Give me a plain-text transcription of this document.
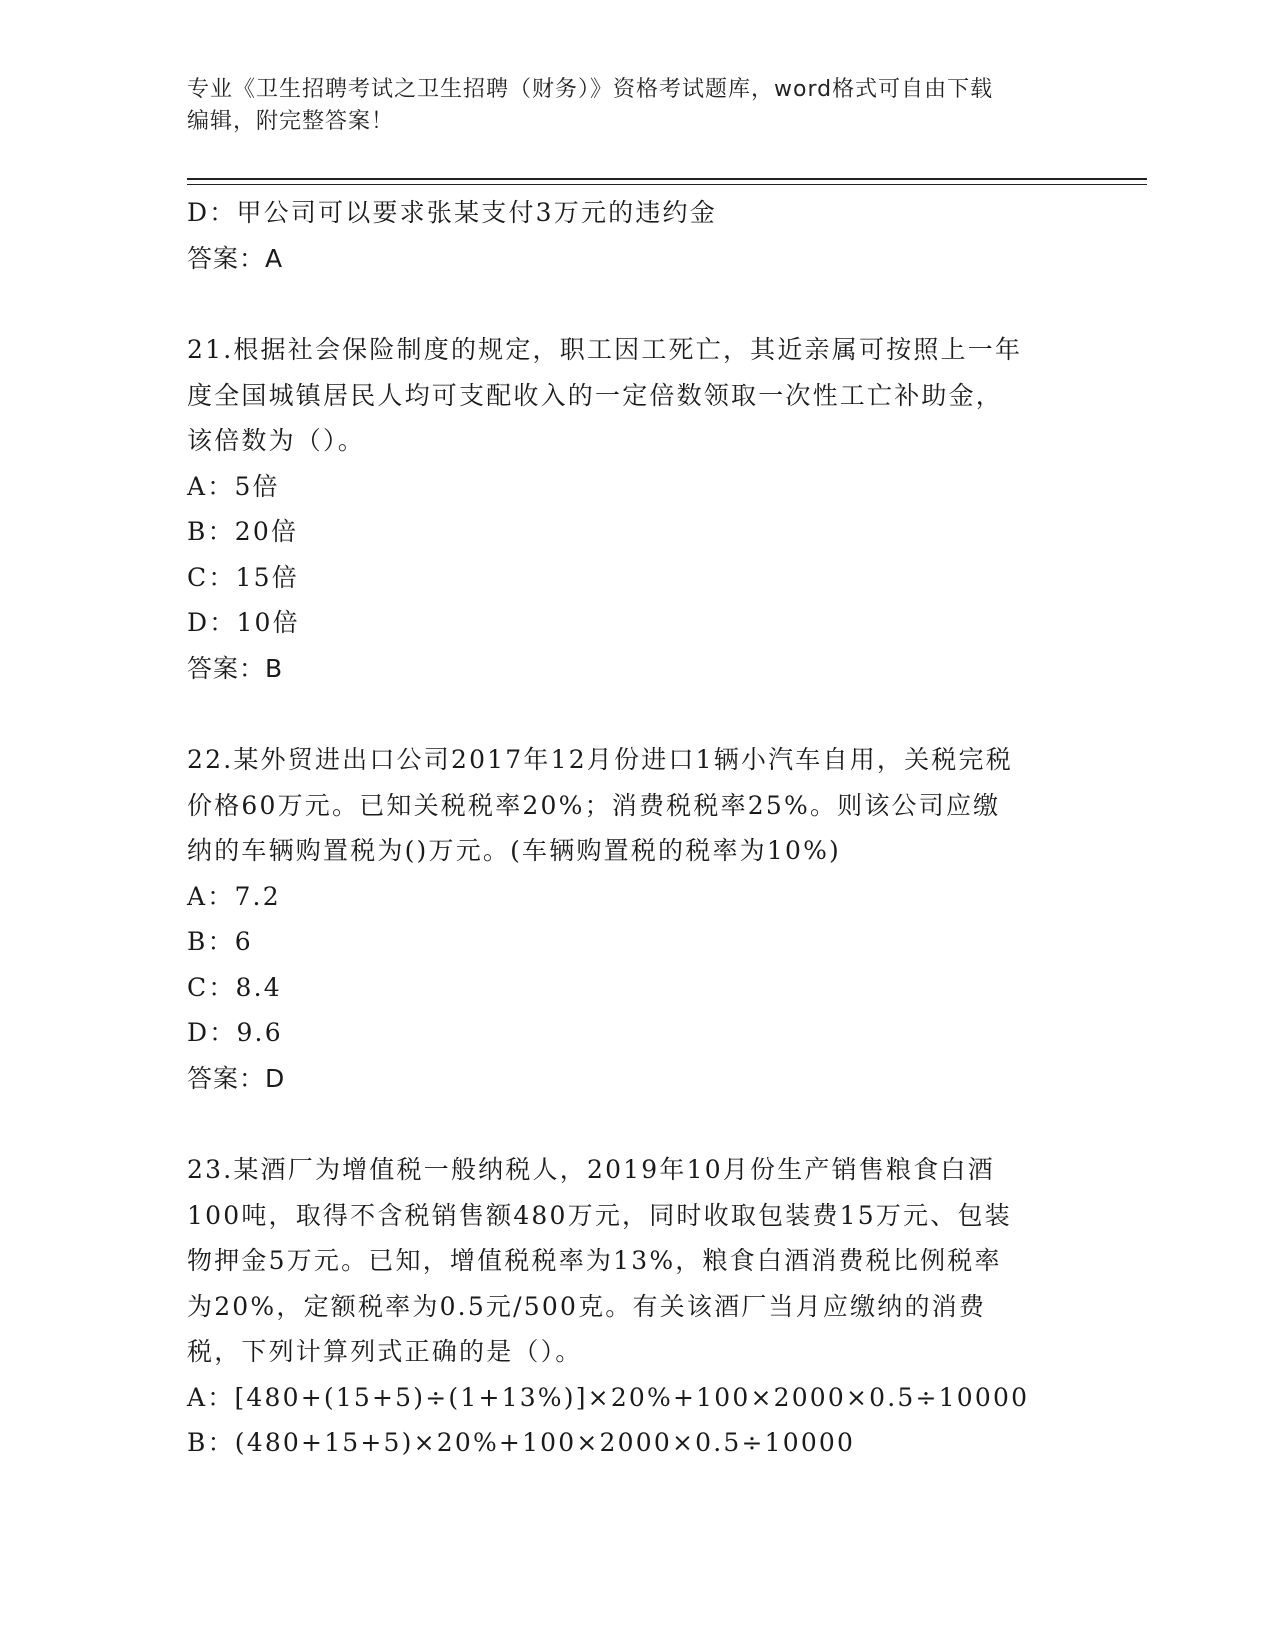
专业《卫生招聘考试之卫生招聘（财务）》资格考试题库，word格式可自由下载
编辑，附完整答案！
D：甲公司可以要求张某支付3万元的违约金
答案：A
21.根据社会保险制度的规定，职工因工死亡，其近亲属可按照上一年
度全国城镇居民人均可支配收入的一定倍数领取一次性工亡补助金，
该倍数为（）。
A：5倍
B：20倍
C：15倍
D：10倍
答案：B
22.某外贸进出口公司2017年12月份进口1辆小汽车自用，关税完税
价格60万元。已知关税税率20%；消费税税率25%。则该公司应缴
纳的车辆购置税为()万元。(车辆购置税的税率为10%)
A：7.2
B：6
C：8.4
D：9.6
答案：D
23.某酒厂为增值税一般纳税人，2019年10月份生产销售粮食白酒
100吨，取得不含税销售额480万元，同时收取包装费15万元、包装
物押金5万元。已知，增值税税率为13%，粮食白酒消费税比例税率
为20%，定额税率为0.5元/500克。有关该酒厂当月应缴纳的消费
税，下列计算列式正确的是（）。
A：[480+(15+5)÷(1+13%)]×20%+100×2000×0.5÷10000
B：(480+15+5)×20%+100×2000×0.5÷10000
